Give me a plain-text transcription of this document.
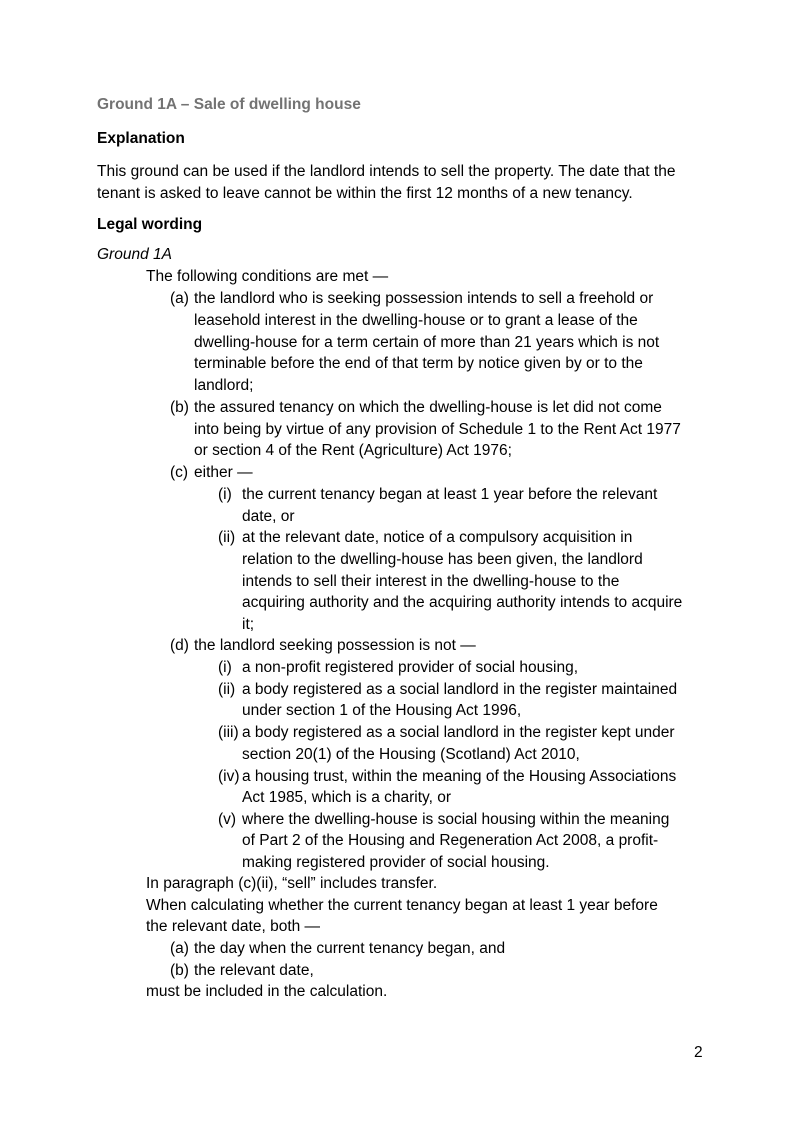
Ground 1A – Sale of dwelling house
Explanation
This ground can be used if the landlord intends to sell the property. The date that the tenant is asked to leave cannot be within the first 12 months of a new tenancy.
Legal wording
Ground 1A
The following conditions are met —
(a) the landlord who is seeking possession intends to sell a freehold or
leasehold interest in the dwelling-house or to grant a lease of the
dwelling-house for a term certain of more than 21 years which is not
terminable before the end of that term by notice given by or to the
landlord;
(b) the assured tenancy on which the dwelling-house is let did not come
into being by virtue of any provision of Schedule 1 to the Rent Act 1977
or section 4 of the Rent (Agriculture) Act 1976;
(c) either —
(i) the current tenancy began at least 1 year before the relevant
date, or
(ii) at the relevant date, notice of a compulsory acquisition in
relation to the dwelling-house has been given, the landlord
intends to sell their interest in the dwelling-house to the
acquiring authority and the acquiring authority intends to acquire
it;
(d) the landlord seeking possession is not —
(i) a non-profit registered provider of social housing,
(ii) a body registered as a social landlord in the register maintained
under section 1 of the Housing Act 1996,
(iii) a body registered as a social landlord in the register kept under
section 20(1) of the Housing (Scotland) Act 2010,
(iv) a housing trust, within the meaning of the Housing Associations
Act 1985, which is a charity, or
(v) where the dwelling-house is social housing within the meaning
of Part 2 of the Housing and Regeneration Act 2008, a profit-
making registered provider of social housing.
In paragraph (c)(ii), “sell” includes transfer.
When calculating whether the current tenancy began at least 1 year before
the relevant date, both —
(a) the day when the current tenancy began, and
(b) the relevant date,
must be included in the calculation.
2
